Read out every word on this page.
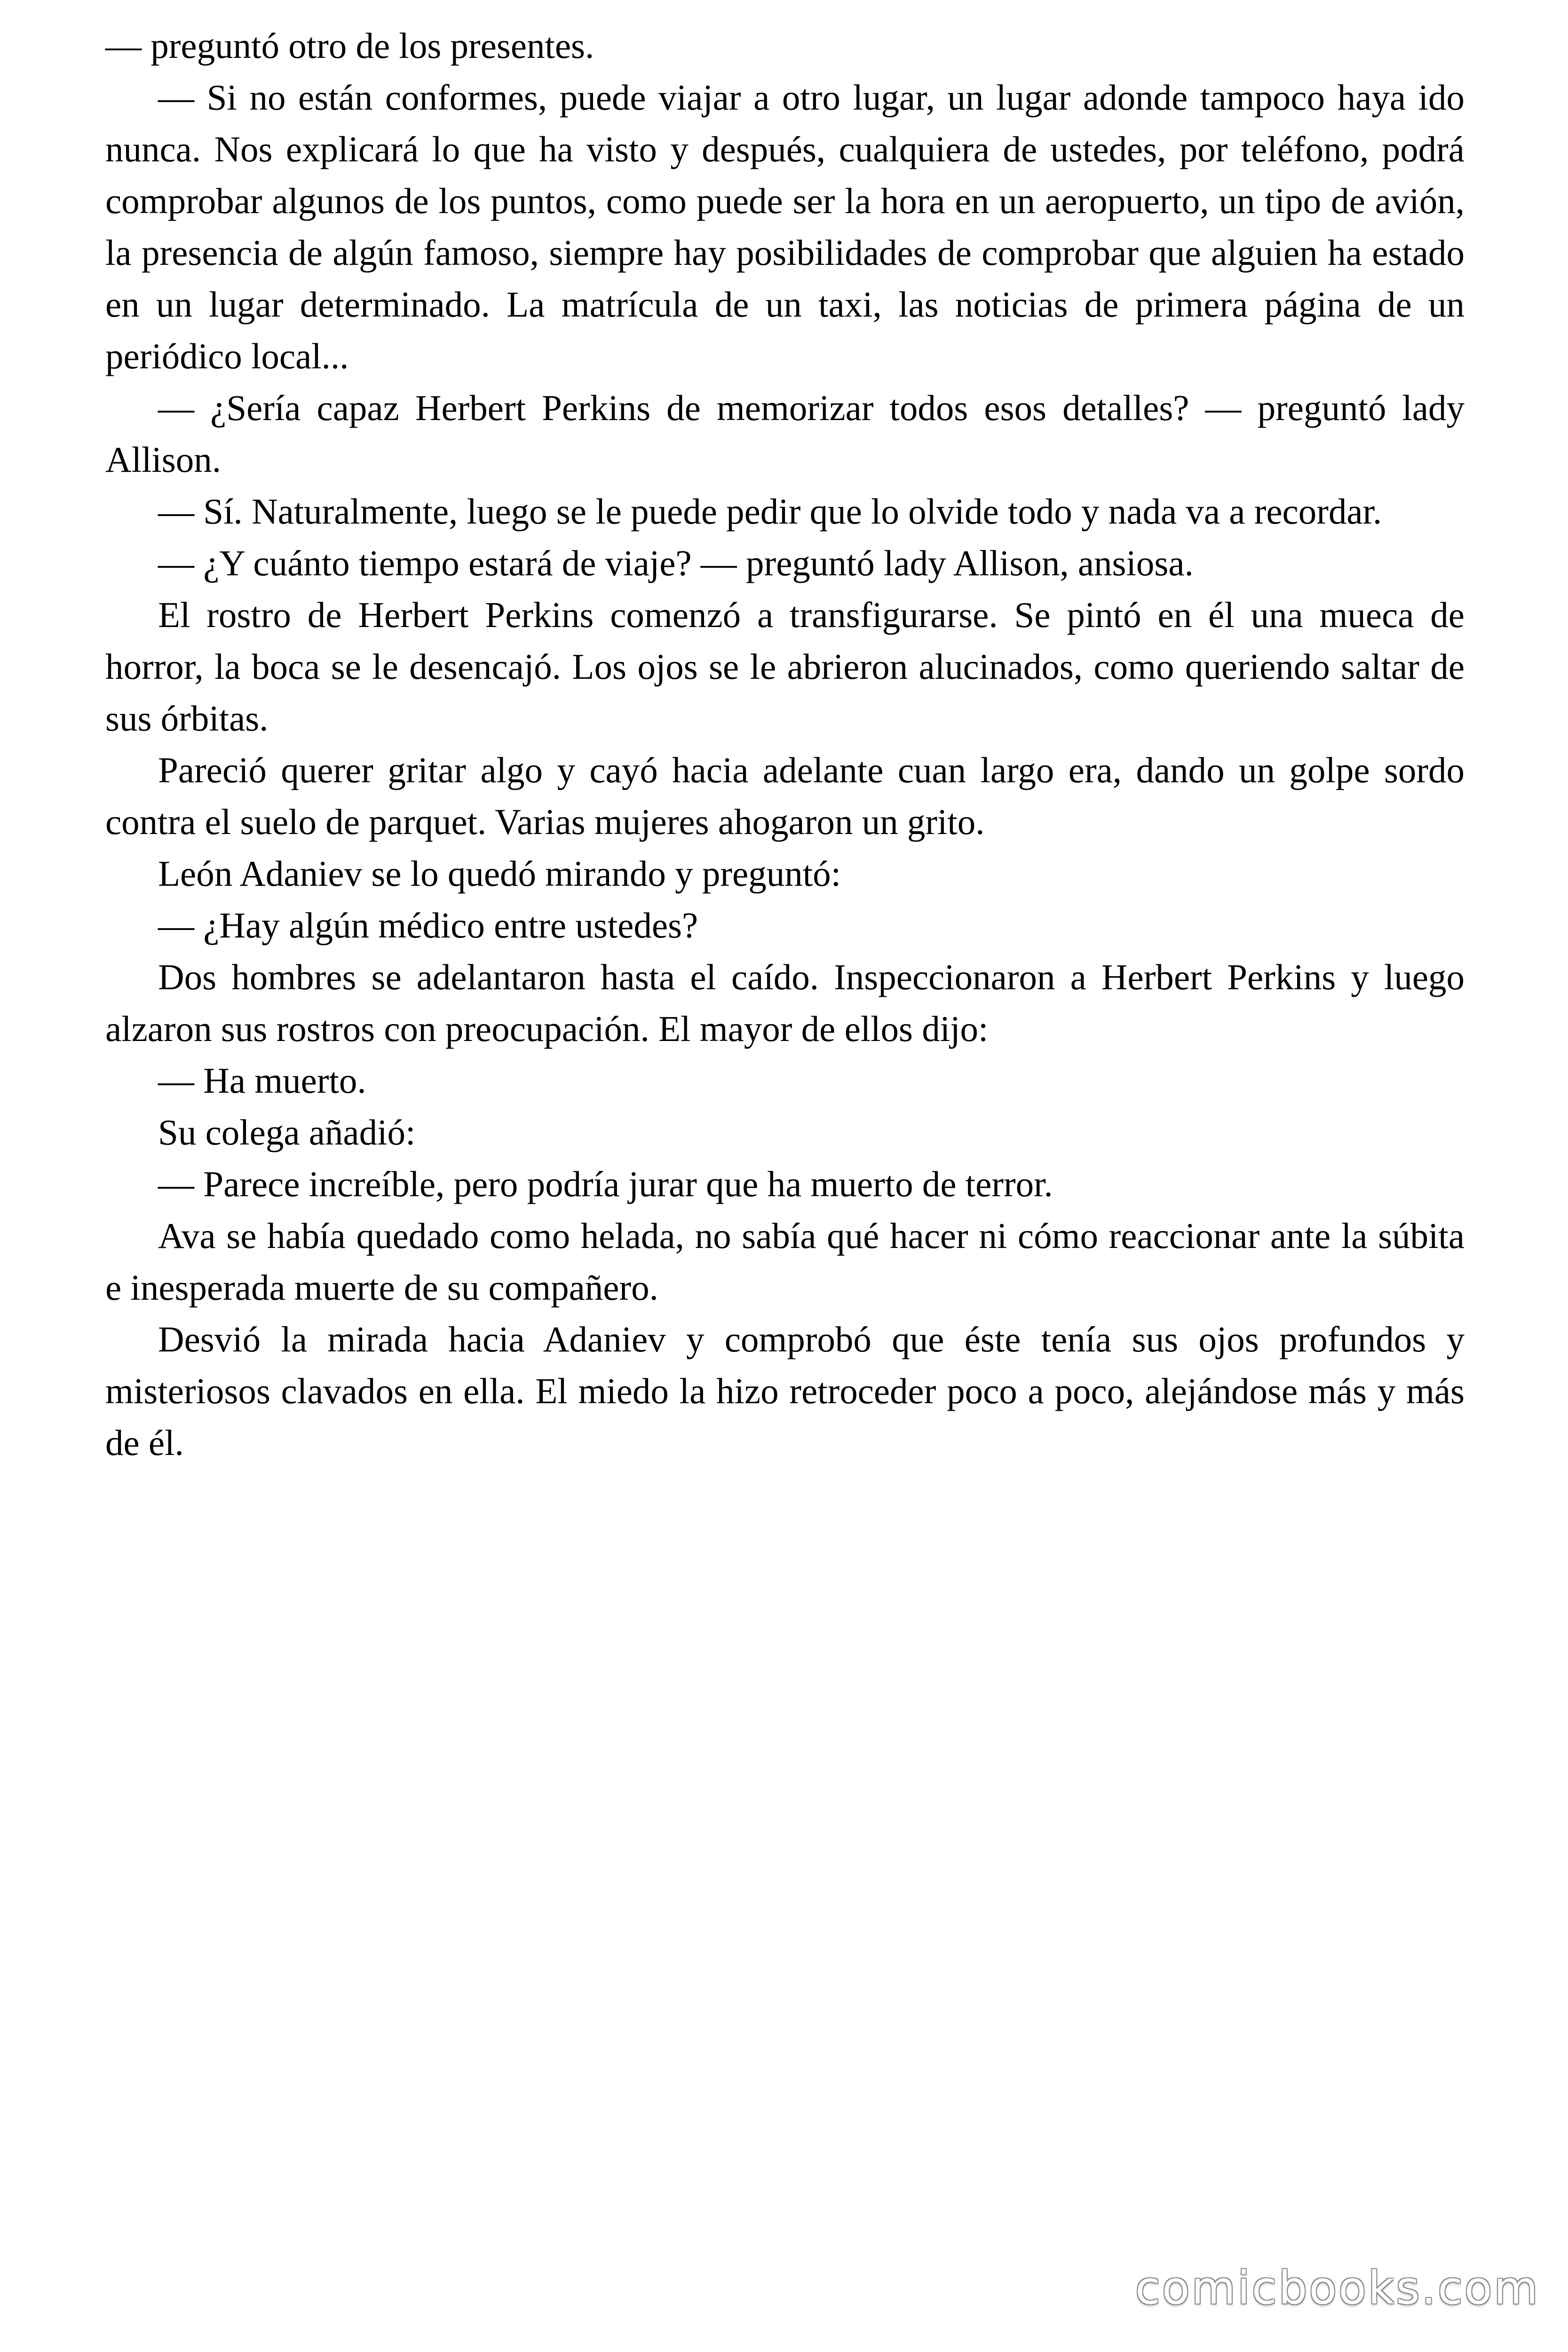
— preguntó otro de los presentes.

— Si no están conformes, puede viajar a otro lugar, un lugar adonde tampoco haya ido nunca. Nos explicará lo que ha visto y después, cualquiera de ustedes, por teléfono, podrá comprobar algunos de los puntos, como puede ser la hora en un aeropuerto, un tipo de avión, la presencia de algún famoso, siempre hay posibilidades de comprobar que alguien ha estado en un lugar determinado. La matrícula de un taxi, las noticias de primera página de un periódico local...

— ¿Sería capaz Herbert Perkins de memorizar todos esos detalles? — preguntó lady Allison.

— Sí. Naturalmente, luego se le puede pedir que lo olvide todo y nada va a recordar.

— ¿Y cuánto tiempo estará de viaje? — preguntó lady Allison, ansiosa.

El rostro de Herbert Perkins comenzó a transfigurarse. Se pintó en él una mueca de horror, la boca se le desencajó. Los ojos se le abrieron alucinados, como queriendo saltar de sus órbitas.

Pareció querer gritar algo y cayó hacia adelante cuan largo era, dando un golpe sordo contra el suelo de parquet. Varias mujeres ahogaron un grito.

León Adaniev se lo quedó mirando y preguntó:

— ¿Hay algún médico entre ustedes?

Dos hombres se adelantaron hasta el caído. Inspeccionaron a Herbert Perkins y luego alzaron sus rostros con preocupación. El mayor de ellos dijo:

— Ha muerto.

Su colega añadió:

— Parece increíble, pero podría jurar que ha muerto de terror.

Ava se había quedado como helada, no sabía qué hacer ni cómo reaccionar ante la súbita e inesperada muerte de su compañero.

Desvió la mirada hacia Adaniev y comprobó que éste tenía sus ojos profundos y misteriosos clavados en ella. El miedo la hizo retroceder poco a poco, alejándose más y más de él.

comicbooks.com
